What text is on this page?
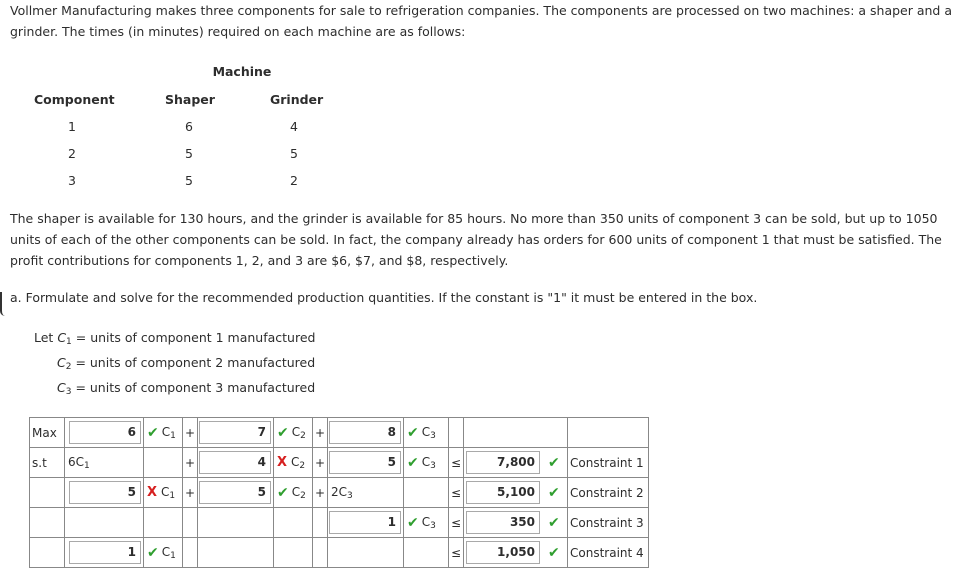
Vollmer Manufacturing makes three components for sale to refrigeration companies. The components are processed on two machines: a shaper and a grinder. The times (in minutes) required on each machine are as follows:

Machine
Component	Shaper	Grinder
1	6	4
2	5	5
3	5	2

The shaper is available for 130 hours, and the grinder is available for 85 hours. No more than 350 units of component 3 can be sold, but up to 1050 units of each of the other components can be sold. In fact, the company already has orders for 600 units of component 1 that must be satisfied. The profit contributions for components 1, 2, and 3 are $6, $7, and $8, respectively.

a. Formulate and solve for the recommended production quantities. If the constant is "1" it must be entered in the box.
Let $C_1$ = units of component 1 manufactured
$C_2$ = units of component 2 manufactured
$C_3$ = units of component 3 manufactured
Max	6	✔ $C_1$	+	7	✔ $C_2$	+	8	✔ $C_3$

s.t	$6C_1$		+	4	X $C_2$	+	5	✔ $C_3$	≤	7,800 ✔	Constraint 1

	5	X $C_1$	+	5	✔ $C_2$	+	$2C_3$		≤	5,100 ✔	Constraint 2

							1	✔ $C_3$	≤	350 ✔	Constraint 3

	1	✔ $C_1$							≤	1,050 ✔	Constraint 4
